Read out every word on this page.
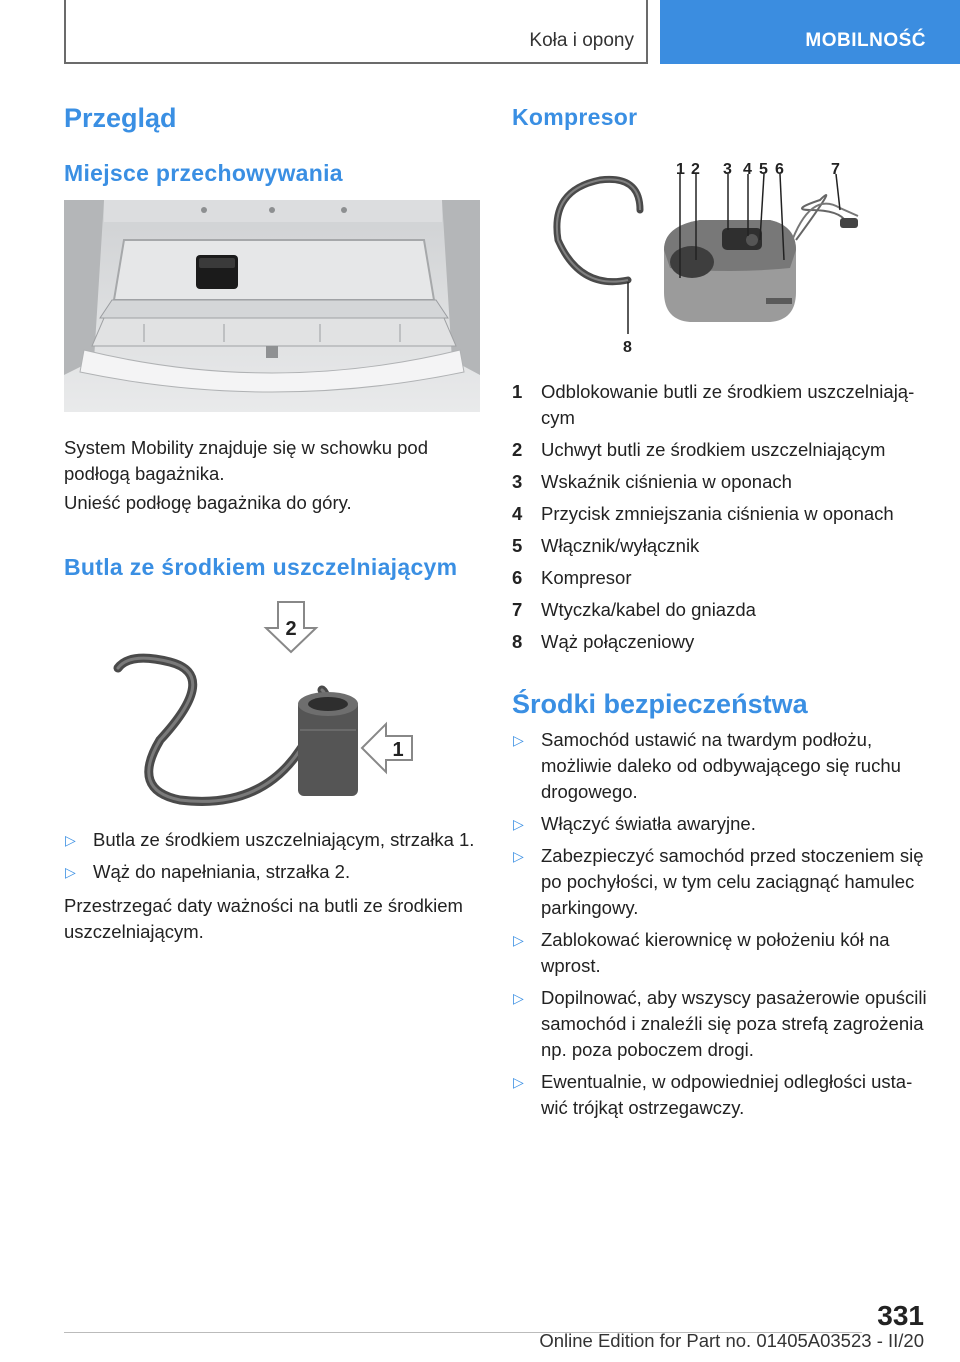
Koła i opony	MOBILNOŚĆ
Przegląd
Miejsce przechowywania
System Mobility znajduje się w schowku pod podłogą bagażnika.
Unieść podłogę bagażnika do góry.
Butla ze środkiem uszczelniającym
2
1
▷ Butla ze środkiem uszczelniającym, strzałka 1.
▷ Wąż do napełniania, strzałka 2.
Przestrzegać daty ważności na butli ze środkiem uszczelniającym.
Kompresor
1 2 3 4 5 6	7
8
1 Odblokowanie butli ze środkiem uszczelniającym
2 Uchwyt butli ze środkiem uszczelniającym
3 Wskaźnik ciśnienia w oponach
4 Przycisk zmniejszania ciśnienia w oponach
5 Włącznik/wyłącznik
6 Kompresor
7 Wtyczka/kabel do gniazda
8 Wąż połączeniowy
Środki bezpieczeństwa
▷ Samochód ustawić na twardym podłożu, możliwie daleko od odbywającego się ruchu drogowego.
▷ Włączyć światła awaryjne.
▷ Zabezpieczyć samochód przed stoczeniem się po pochyłości, w tym celu zaciągnąć hamulec parkingowy.
▷ Zablokować kierownicę w położeniu kół na wprost.
▷ Dopilnować, aby wszyscy pasażerowie opuścili samochód i znaleźli się poza strefą zagrożenia np. poza poboczem drogi.
▷ Ewentualnie, w odpowiedniej odległości ustawić trójkąt ostrzegawczy.
331
Online Edition for Part no. 01405A03523 - II/20
